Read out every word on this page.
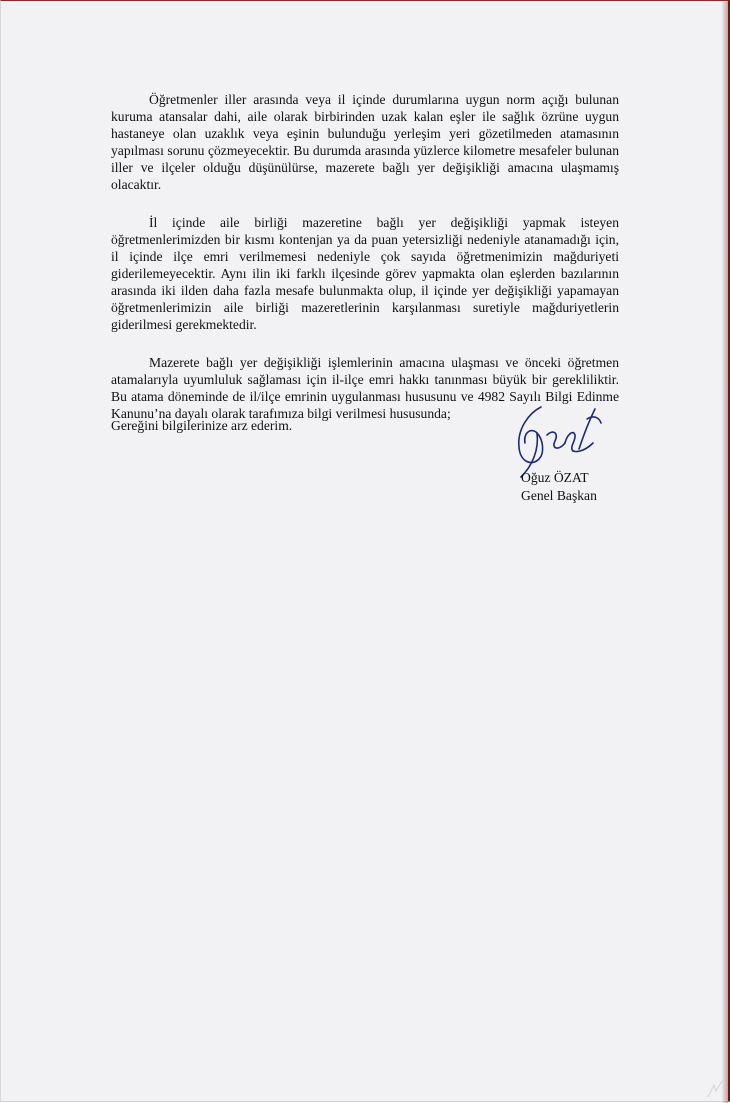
Öğretmenler iller arasında veya il içinde durumlarına uygun norm açığı bulunan kuruma atansalar dahi, aile olarak birbirinden uzak kalan eşler ile sağlık özrüne uygun hastaneye olan uzaklık veya eşinin bulunduğu yerleşim yeri gözetilmeden atamasının yapılması sorunu çözmeyecektir. Bu durumda arasında yüzlerce kilometre mesafeler bulunan iller ve ilçeler olduğu düşünülürse, mazerete bağlı yer değişikliği amacına ulaşmamış olacaktır.

İl içinde aile birliği mazeretine bağlı yer değişikliği yapmak isteyen öğretmenlerimizden bir kısmı kontenjan ya da puan yetersizliği nedeniyle atanamadığı için, il içinde ilçe emri verilmemesi nedeniyle çok sayıda öğretmenimizin mağduriyeti giderilemeyecektir. Aynı ilin iki farklı ilçesinde görev yapmakta olan eşlerden bazılarının arasında iki ilden daha fazla mesafe bulunmakta olup, il içinde yer değişikliği yapamayan öğretmenlerimizin aile birliği mazeretlerinin karşılanması suretiyle mağduriyetlerin giderilmesi gerekmektedir.

Mazerete bağlı yer değişikliği işlemlerinin amacına ulaşması ve önceki öğretmen atamalarıyla uyumluluk sağlaması için il-ilçe emri hakkı tanınması büyük bir gerekliliktir. Bu atama döneminde de il/ilçe emrinin uygulanması hususunu ve 4982 Sayılı Bilgi Edinme Kanunu’na dayalı olarak tarafımıza bilgi verilmesi hususunda;

Gereğini bilgilerinize arz ederim.

Oğuz ÖZAT
Genel Başkan
